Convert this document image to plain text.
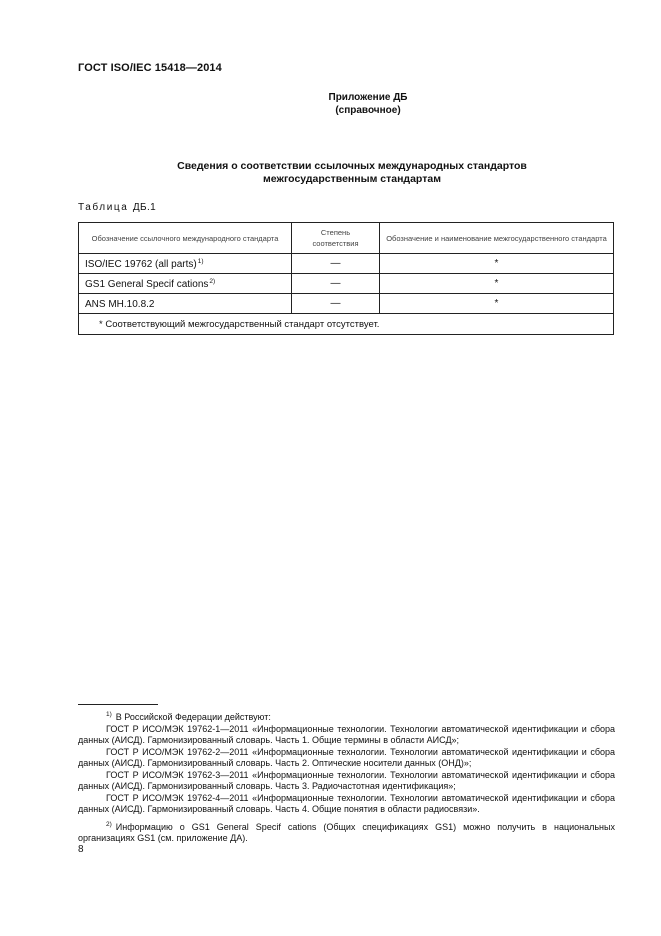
ГОСТ ISO/IEC 15418—2014
Приложение ДБ
(справочное)
Сведения о соответствии ссылочных международных стандартов
межгосударственным стандартам
Таблица ДБ.1
Обозначение ссылочного международного стандарта	Степень соответствия	Обозначение и наименование межгосударственного стандарта
ISO/IEC 19762 (all parts)$^{1)}$	—	*
GS1 General Specif cations$^{2)}$	—	*
ANS MH.10.8.2	—	*
* Соответствующий межгосударственный стандарт отсутствует.		

$^{1)}$ В Российской Федерации действуют:

ГОСТ Р ИСО/МЭК 19762-1—2011 «Информационные технологии. Технологии автоматической идентификации и сбора данных (АИСД). Гармонизированный словарь. Часть 1. Общие термины в области АИСД»;

ГОСТ Р ИСО/МЭК 19762-2—2011 «Информационные технологии. Технологии автоматической идентификации и сбора данных (АИСД). Гармонизированный словарь. Часть 2. Оптические носители данных (ОНД)»;

ГОСТ Р ИСО/МЭК 19762-3—2011 «Информационные технологии. Технологии автоматической идентификации и сбора данных (АИСД). Гармонизированный словарь. Часть 3. Радиочастотная идентификация»;

ГОСТ Р ИСО/МЭК 19762-4—2011 «Информационные технологии. Технологии автоматической идентификации и сбора данных (АИСД). Гармонизированный словарь. Часть 4. Общие понятия в области радиосвязи».

$^{2)}$ Информацию о GS1 General Specif cations (Общих спецификациях GS1) можно получить в национальных организациях GS1 (см. приложение ДА).

8
